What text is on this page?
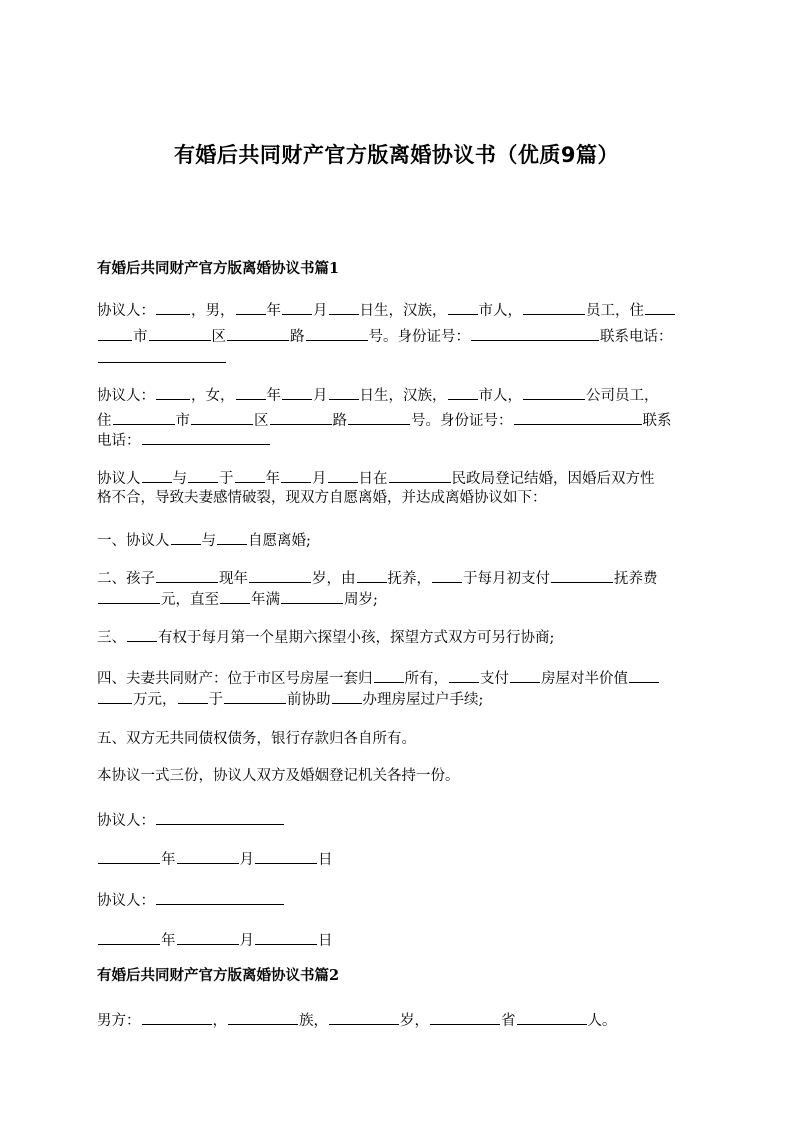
有婚后共同财产官方版离婚协议书（优质9篇）
有婚后共同财产官方版离婚协议书篇1
协议人： ，男， 年 月 日生，汉族， 市人，	员工，住
市	区	路	号。身份证号：	联系电话：
协议人： ，女， 年 月 日生，汉族， 市人，	公司员工，
住	市	区	路	号。身份证号：	联系
电话：
协议人 与 于 年 月 日在	民政局登记结婚，因婚后双方性
格不合，导致夫妻感情破裂，现双方自愿离婚，并达成离婚协议如下：
一、协议人 与 自愿离婚;
二、孩子	现年	岁，由 抚养， 于每月初支付	抚养费
元，直至 年满	周岁;
三、 有权于每月第一个星期六探望小孩，探望方式双方可另行协商;
四、夫妻共同财产：位于市区号房屋一套归 所有， 支付 房屋对半价值
万元， 于	前协助 办理房屋过户手续;
五、双方无共同债权债务，银行存款归各自所有。
本协议一式三份，协议人双方及婚姻登记机关各持一份。
协议人：
年	月	日
协议人：
年	月	日
有婚后共同财产官方版离婚协议书篇2
男方：	，	族，	岁，	省	人。
